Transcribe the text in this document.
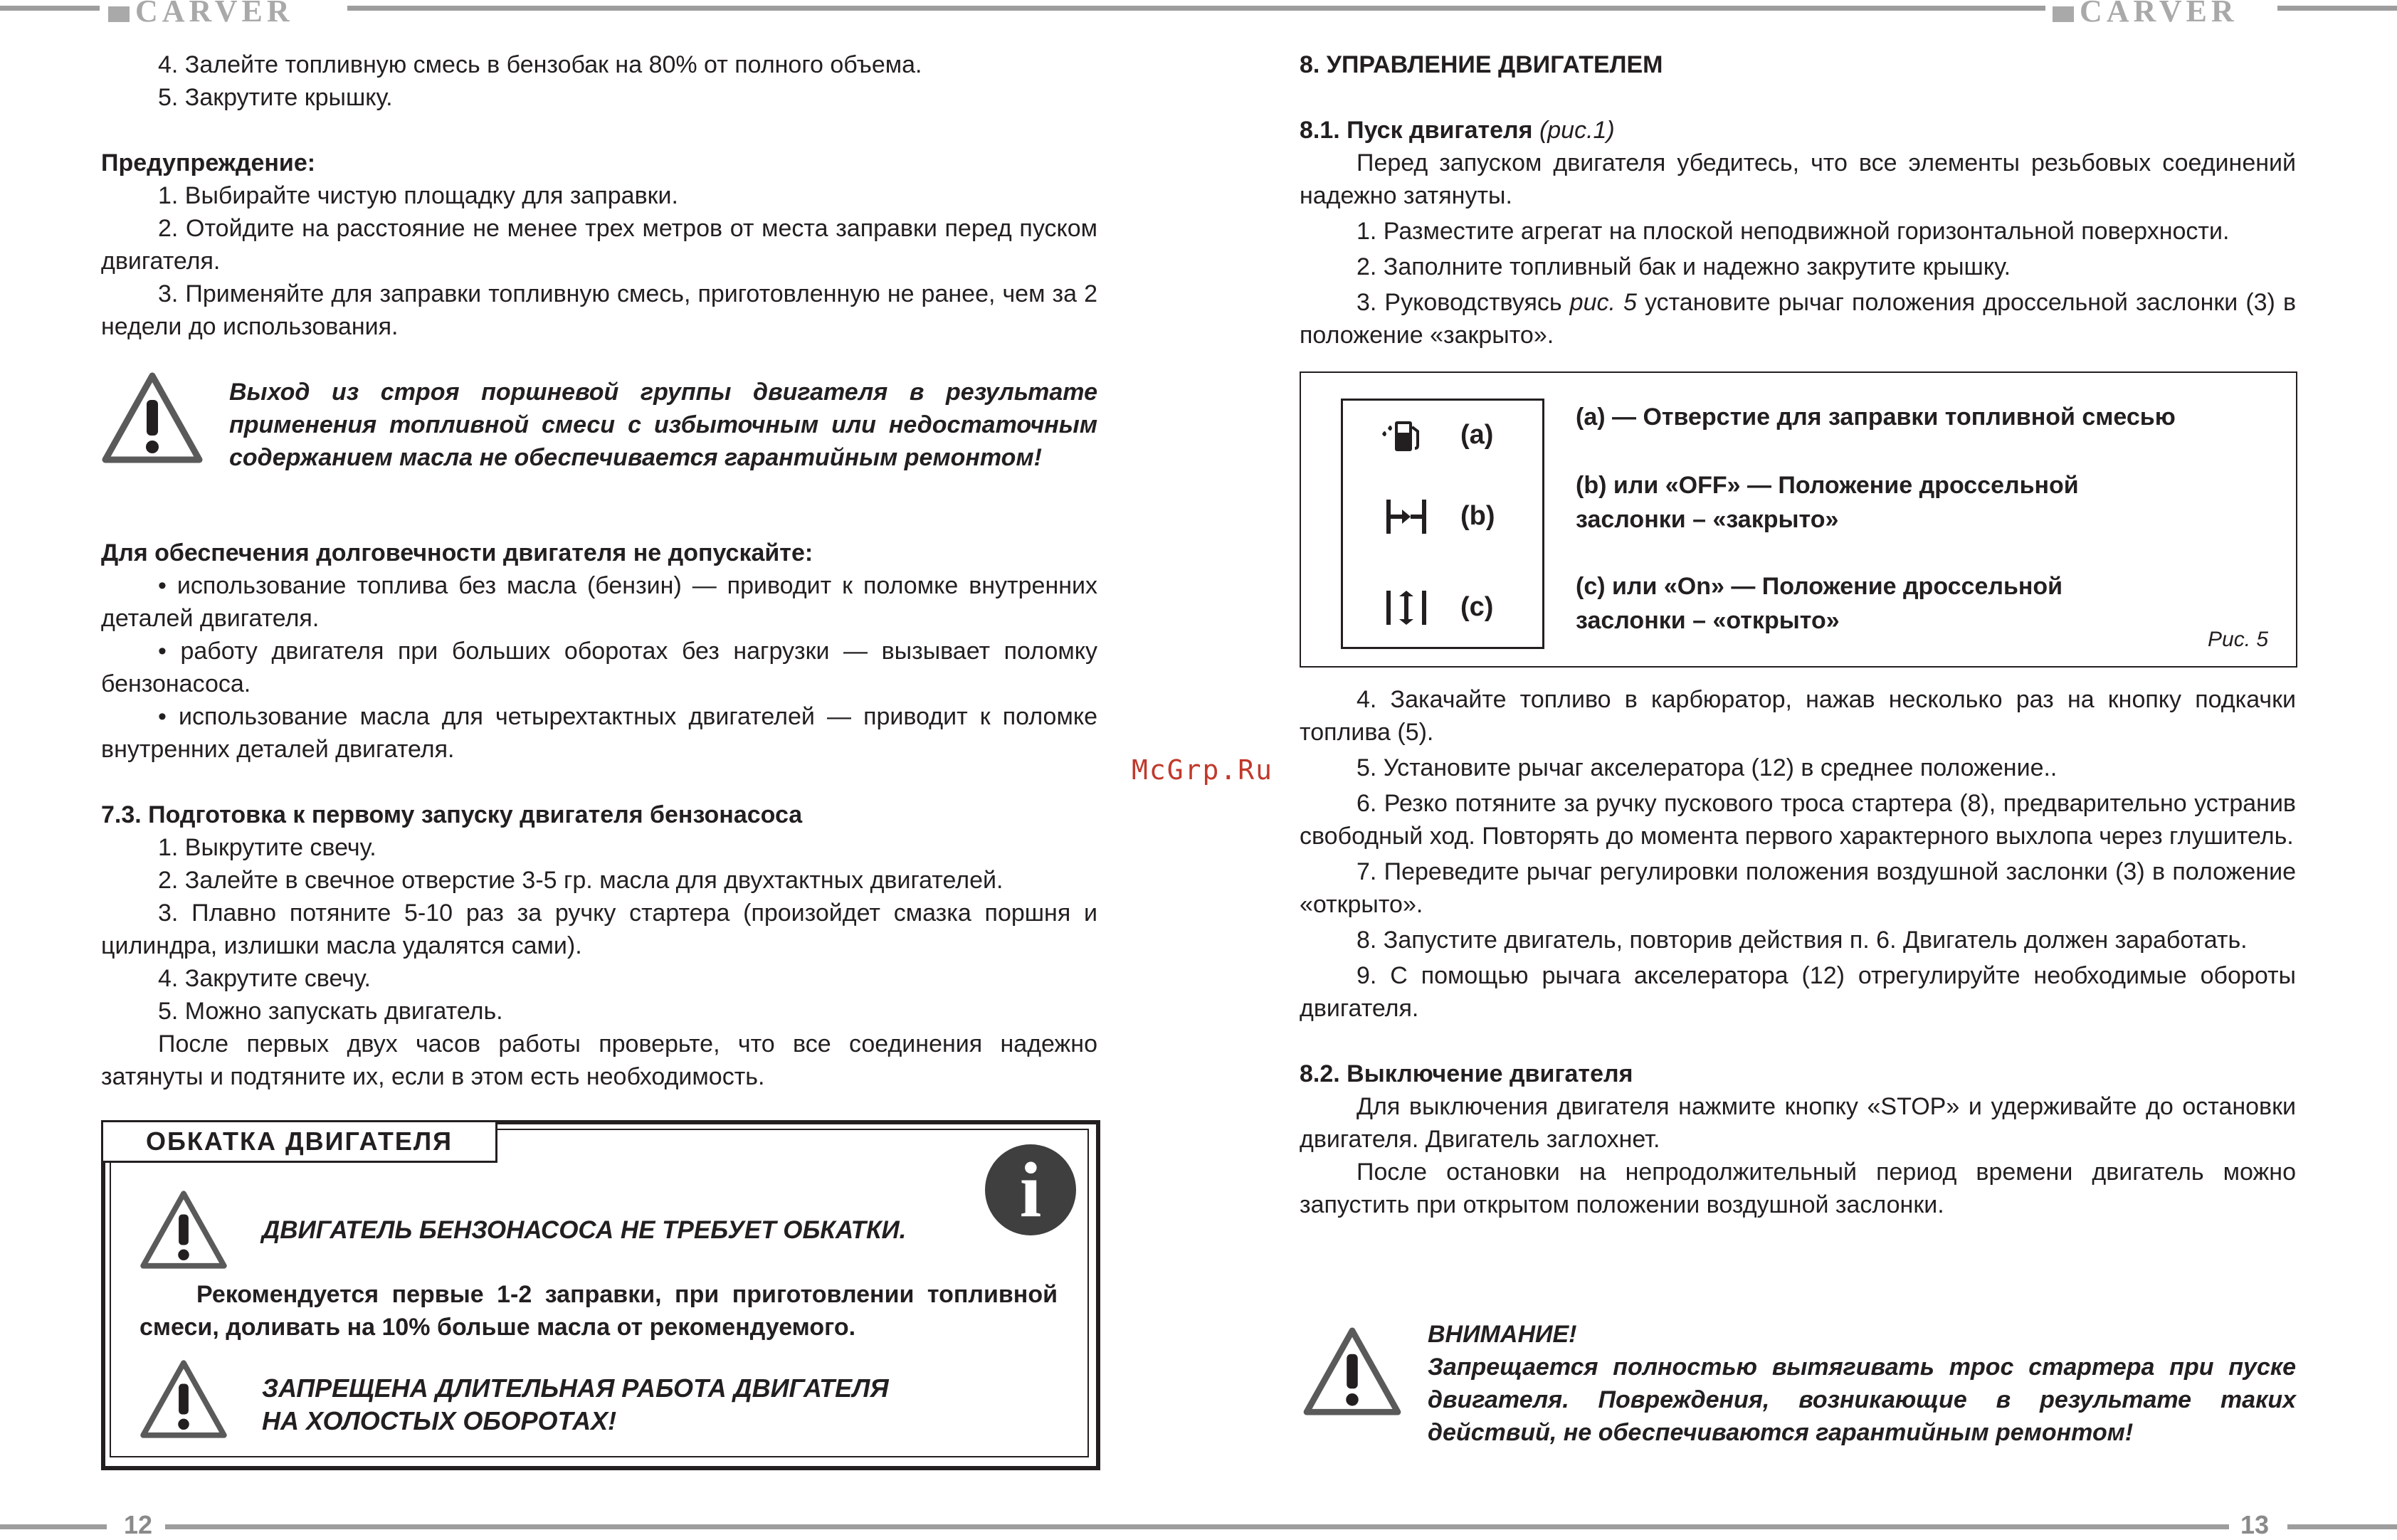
CARVER

4. Залейте топливную смесь в бензобак на 80% от полного объема.

5. Закрутите крышку.

Предупреждение:

1. Выбирайте чистую площадку для заправки.

2. Отойдите на расстояние не менее трех метров от места заправки перед пуском двигателя.

3. Применяйте для заправки топливную смесь, приготовленную не ранее, чем за 2 недели до использования.

Выход из строя поршневой группы двигателя в результате применения топливной смеси с избыточным или недостаточным содержанием масла не обеспечивается гарантийным ремонтом!

Для обеспечения долговечности двигателя не допускайте:

• использование топлива без масла (бензин) — приводит к поломке внутренних деталей двигателя.

• работу двигателя при больших оборотах без нагрузки — вызывает поломку бензонасоса.

• использование масла для четырехтактных двигателей — приводит к поломке внутренних деталей двигателя.

7.3. Подготовка к первому запуску двигателя бензонасоса

1. Выкрутите свечу.

2. Залейте в свечное отверстие 3-5 гр. масла для двухтактных двигателей.

3. Плавно потяните 5-10 раз за ручку стартера (произойдет смазка поршня и цилиндра, излишки масла удалятся сами).

4. Закрутите свечу.

5. Можно запускать двигатель.

После первых двух часов работы проверьте, что все соединения надежно затянуты и подтяните их, если в этом есть необходимость.

ОБКАТКА ДВИГАТЕЛЯ
i
ДВИГАТЕЛЬ БЕНЗОНАСОСА НЕ ТРЕБУЕТ ОБКАТКИ.
Рекомендуется первые 1-2 заправки, при приготовлении топливной смеси, доливать на 10% больше масла от рекомендуемого.
ЗАПРЕЩЕНА ДЛИТЕЛЬНАЯ РАБОТА ДВИГАТЕЛЯ
НА ХОЛОСТЫХ ОБОРОТАХ!
12
McGrp.Ru
CARVER

8. УПРАВЛЕНИЕ ДВИГАТЕЛЕМ

8.1. Пуск двигателя (рис.1)

Перед запуском двигателя убедитесь, что все элементы резьбовых соединений надежно затянуты.

1. Разместите агрегат на плоской неподвижной горизонтальной поверхности.

2. Заполните топливный бак и надежно закрутите крышку.

3. Руководствуясь рис. 5 установите рычаг положения дроссельной заслонки (3) в положение «закрыто».

(a)
(b)
(c)
(a) — Отверстие для заправки топливной смесью
(b) или «OFF» — Положение дроссельной
заслонки – «закрыто»
(c) или «On» — Положение дроссельной
заслонки – «открыто»
Рис. 5

4. Закачайте топливо в карбюратор, нажав несколько раз на кнопку подкачки топлива (5).

5. Установите рычаг акселератора (12) в среднее положение..

6. Резко потяните за ручку пускового троса стартера (8), предварительно устранив свободный ход. Повторять до момента первого характерного выхлопа через глушитель.

7. Переведите рычаг регулировки положения воздушной заслонки (3) в положение «открыто».

8. Запустите двигатель, повторив действия п. 6. Двигатель должен заработать.

9. С помощью рычага акселератора (12) отрегулируйте необходимые обороты двигателя.

8.2. Выключение двигателя

Для выключения двигателя нажмите кнопку «STOP» и удерживайте до остановки двигателя. Двигатель заглохнет.

После остановки на непродолжительный период времени двигатель можно запустить при открытом положении воздушной заслонки.

ВНИМАНИЕ!
Запрещается полностью вытягивать трос стартера при пуске двигателя. Повреждения, возникающие в результате таких действий, не обеспечиваются гарантийным ремонтом!
13
